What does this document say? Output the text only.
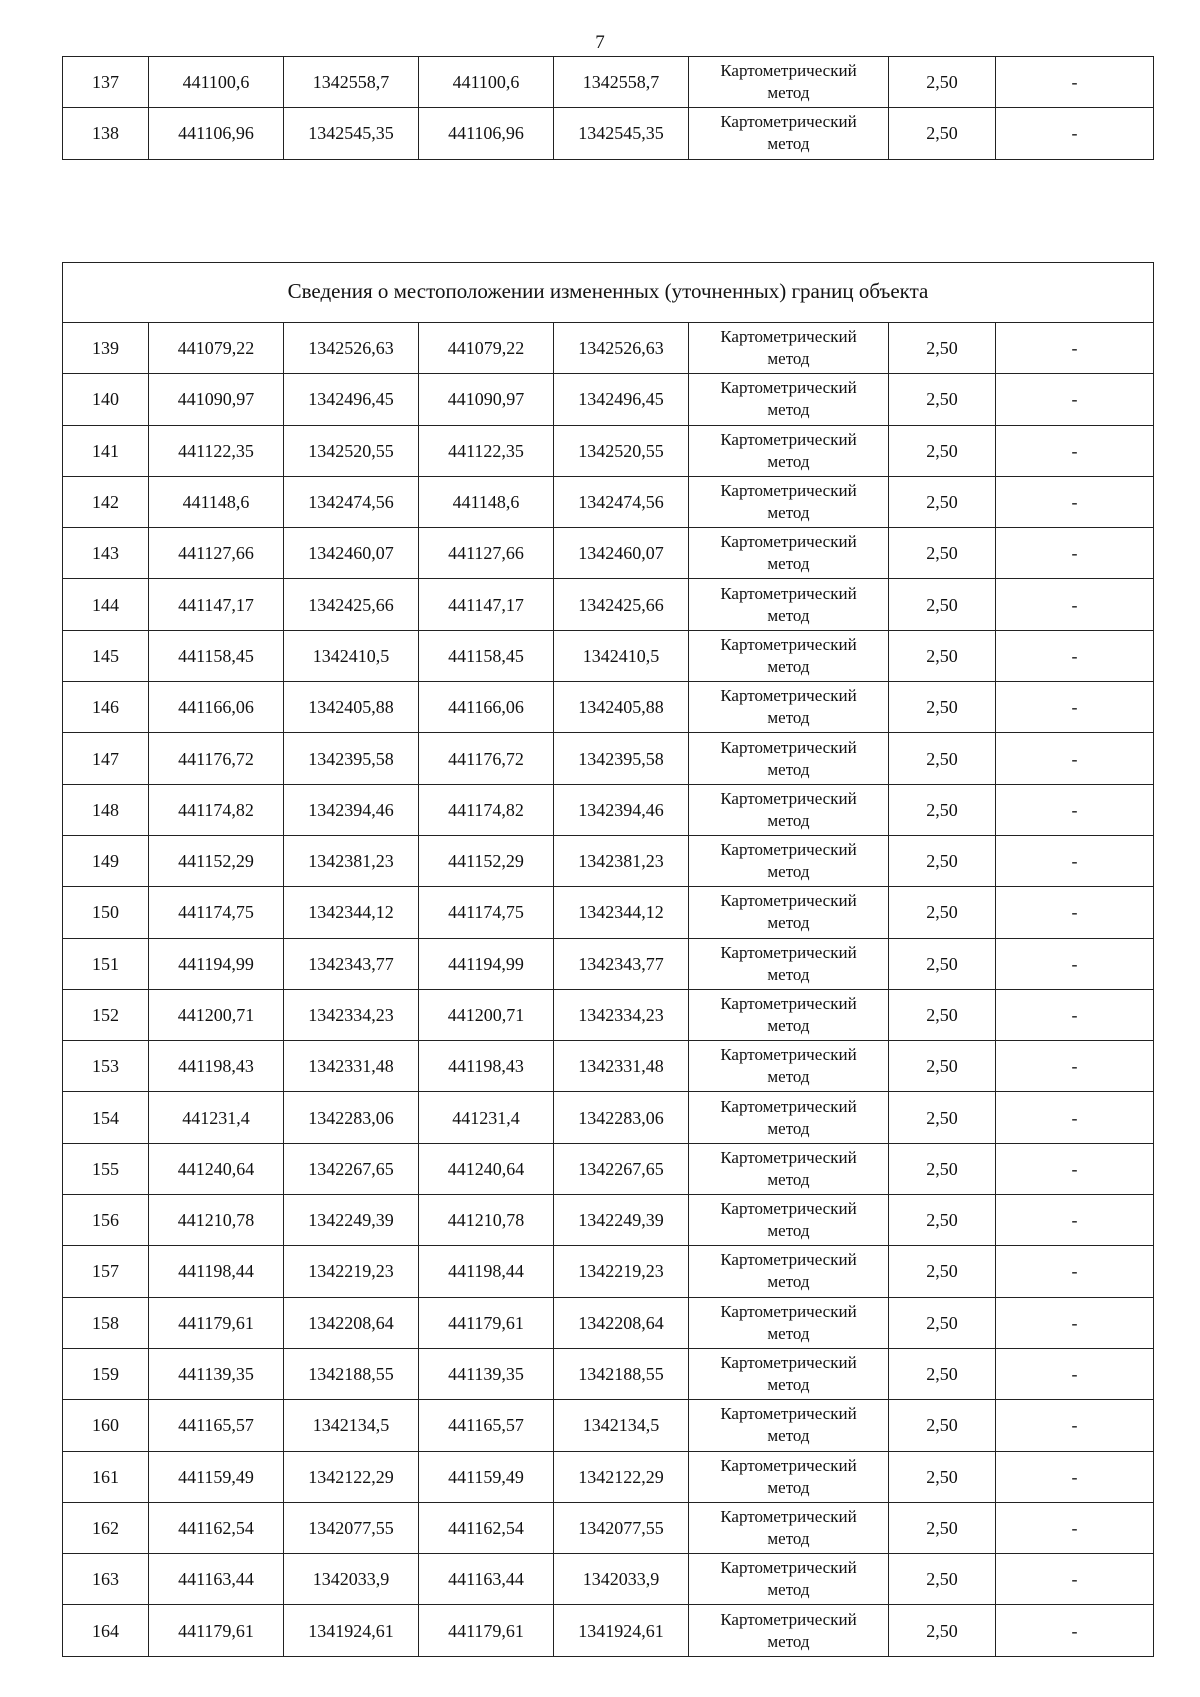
7
137	441100,6	1342558,7	441100,6	1342558,7	Картометрический
метод	2,50	-
138	441106,96	1342545,35	441106,96	1342545,35	Картометрический
метод	2,50	-
Сведения о местоположении измененных (уточненных) границ объекта							
139	441079,22	1342526,63	441079,22	1342526,63	Картометрический
метод	2,50	-
140	441090,97	1342496,45	441090,97	1342496,45	Картометрический
метод	2,50	-
141	441122,35	1342520,55	441122,35	1342520,55	Картометрический
метод	2,50	-
142	441148,6	1342474,56	441148,6	1342474,56	Картометрический
метод	2,50	-
143	441127,66	1342460,07	441127,66	1342460,07	Картометрический
метод	2,50	-
144	441147,17	1342425,66	441147,17	1342425,66	Картометрический
метод	2,50	-
145	441158,45	1342410,5	441158,45	1342410,5	Картометрический
метод	2,50	-
146	441166,06	1342405,88	441166,06	1342405,88	Картометрический
метод	2,50	-
147	441176,72	1342395,58	441176,72	1342395,58	Картометрический
метод	2,50	-
148	441174,82	1342394,46	441174,82	1342394,46	Картометрический
метод	2,50	-
149	441152,29	1342381,23	441152,29	1342381,23	Картометрический
метод	2,50	-
150	441174,75	1342344,12	441174,75	1342344,12	Картометрический
метод	2,50	-
151	441194,99	1342343,77	441194,99	1342343,77	Картометрический
метод	2,50	-
152	441200,71	1342334,23	441200,71	1342334,23	Картометрический
метод	2,50	-
153	441198,43	1342331,48	441198,43	1342331,48	Картометрический
метод	2,50	-
154	441231,4	1342283,06	441231,4	1342283,06	Картометрический
метод	2,50	-
155	441240,64	1342267,65	441240,64	1342267,65	Картометрический
метод	2,50	-
156	441210,78	1342249,39	441210,78	1342249,39	Картометрический
метод	2,50	-
157	441198,44	1342219,23	441198,44	1342219,23	Картометрический
метод	2,50	-
158	441179,61	1342208,64	441179,61	1342208,64	Картометрический
метод	2,50	-
159	441139,35	1342188,55	441139,35	1342188,55	Картометрический
метод	2,50	-
160	441165,57	1342134,5	441165,57	1342134,5	Картометрический
метод	2,50	-
161	441159,49	1342122,29	441159,49	1342122,29	Картометрический
метод	2,50	-
162	441162,54	1342077,55	441162,54	1342077,55	Картометрический
метод	2,50	-
163	441163,44	1342033,9	441163,44	1342033,9	Картометрический
метод	2,50	-
164	441179,61	1341924,61	441179,61	1341924,61	Картометрический
метод	2,50	-
